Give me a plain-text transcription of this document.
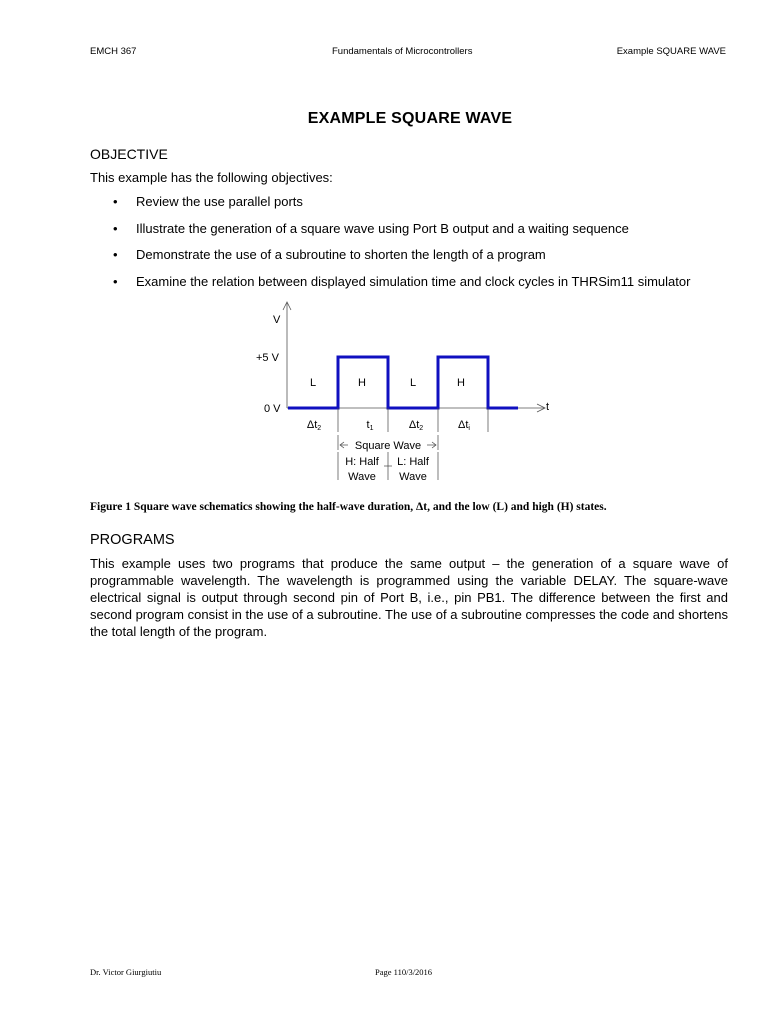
EMCH 367	Fundamentals of Microcontrollers	Example SQUARE WAVE
EXAMPLE SQUARE WAVE
OBJECTIVE
This example has the following objectives:
• Review the use parallel ports
• Illustrate the generation of a square wave using Port B output and a waiting sequence
• Demonstrate the use of a subroutine to shorten the length of a program
• Examine the relation between displayed simulation time and clock cycles in THRSim11 simulator
V
t
+5 V
0 V
L	H	L	H
Δt2	t1	Δt2	Δti
Square Wave
H: Half
Wave
L: Half
Wave
Figure 1 Square wave schematics showing the half-wave duration, Δt, and the low (L) and high (H) states.
PROGRAMS

This example uses two programs that produce the same output – the generation of a square wave of programmable wavelength. The wavelength is programmed using the variable DELAY. The square-wave electrical signal is output through second pin of Port B, i.e., pin PB1. The difference between the first and second program consist in the use of a subroutine. The use of a subroutine compresses the code and shortens the total length of the program.

Dr. Victor Giurgiutiu	Page 110/3/2016
